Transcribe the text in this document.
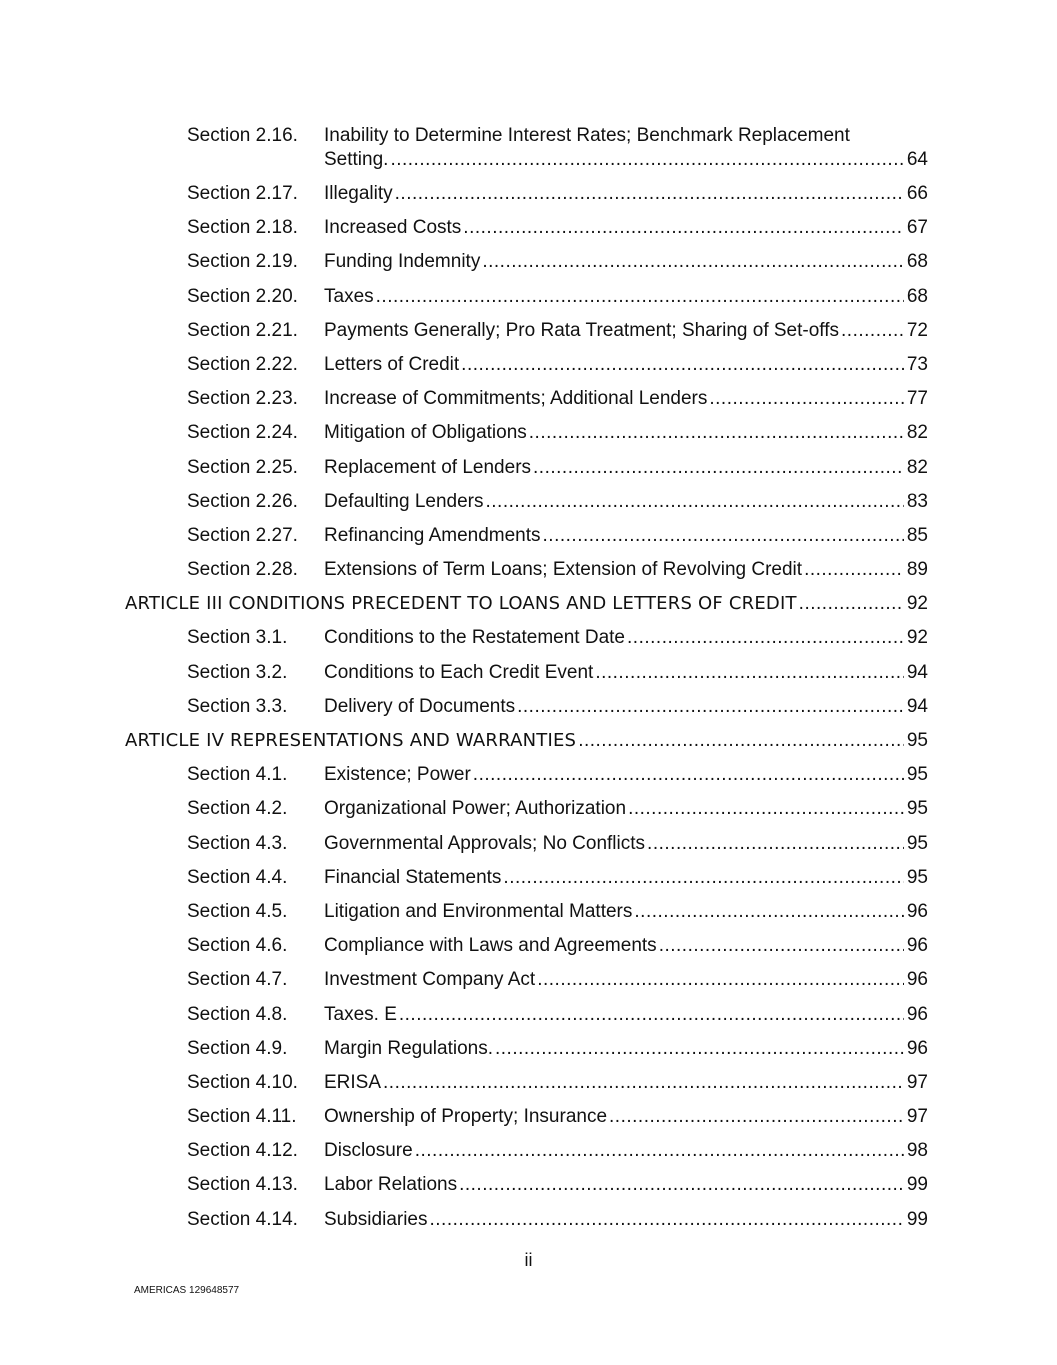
Section 2.16. Inability to Determine Interest Rates; Benchmark Replacement
Setting. .....	64
Section 2.17. Illegality .....	66
Section 2.18. Increased Costs .....	67
Section 2.19. Funding Indemnity .....	68
Section 2.20. Taxes .....	68
Section 2.21. Payments Generally; Pro Rata Treatment; Sharing of Set-offs .....	72
Section 2.22. Letters of Credit .....	73
Section 2.23. Increase of Commitments; Additional Lenders .....	77
Section 2.24. Mitigation of Obligations .....	82
Section 2.25. Replacement of Lenders .....	82
Section 2.26. Defaulting Lenders .....	83
Section 2.27. Refinancing Amendments .....	85
Section 2.28. Extensions of Term Loans; Extension of Revolving Credit .....	89
ARTICLE III CONDITIONS PRECEDENT TO LOANS AND LETTERS OF CREDIT .....	92
Section 3.1. Conditions to the Restatement Date .....	92
Section 3.2. Conditions to Each Credit Event .....	94
Section 3.3. Delivery of Documents .....	94
ARTICLE IV REPRESENTATIONS AND WARRANTIES .....	95
Section 4.1. Existence; Power .....	95
Section 4.2. Organizational Power; Authorization .....	95
Section 4.3. Governmental Approvals; No Conflicts .....	95
Section 4.4. Financial Statements .....	95
Section 4.5. Litigation and Environmental Matters .....	96
Section 4.6. Compliance with Laws and Agreements .....	96
Section 4.7. Investment Company Act .....	96
Section 4.8. Taxes. E .....	96
Section 4.9. Margin Regulations. .....	96
Section 4.10. ERISA .....	97
Section 4.11. Ownership of Property; Insurance .....	97
Section 4.12. Disclosure .....	98
Section 4.13. Labor Relations .....	99
Section 4.14. Subsidiaries .....	99
ii
AMERICAS 129648577
